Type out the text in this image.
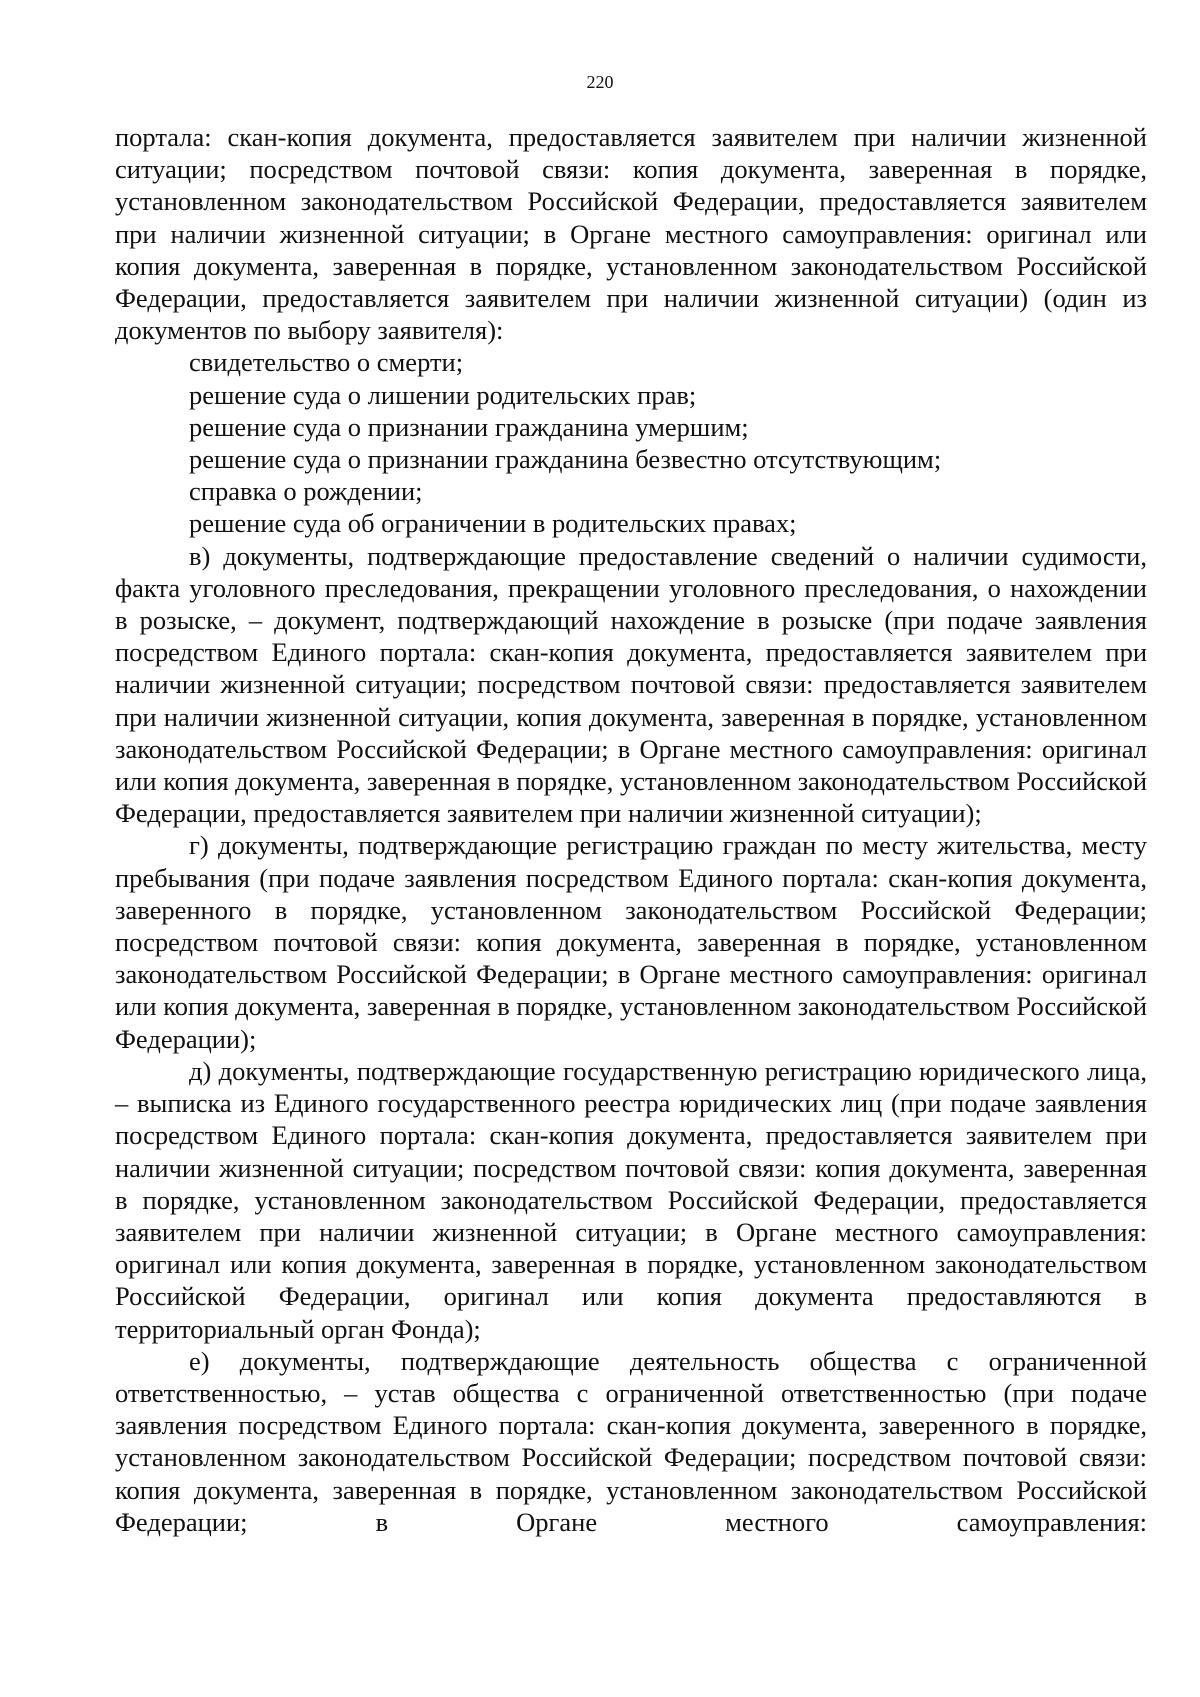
220

портала: скан-копия документа, предоставляется заявителем при наличии жизненной ситуации; посредством почтовой связи: копия документа, заверенная в порядке, установленном законодательством Российской Федерации, предоставляется заявителем при наличии жизненной ситуации; в Органе местного самоуправления: оригинал или копия документа, заверенная в порядке, установленном законодательством Российской Федерации, предоставляется заявителем при наличии жизненной ситуации) (один из документов по выбору заявителя):

свидетельство о смерти;

решение суда о лишении родительских прав;

решение суда о признании гражданина умершим;

решение суда о признании гражданина безвестно отсутствующим;

справка о рождении;

решение суда об ограничении в родительских правах;

в) документы, подтверждающие предоставление сведений о наличии судимости, факта уголовного преследования, прекращении уголовного преследования, о нахождении в розыске, – документ, подтверждающий нахождение в розыске (при подаче заявления посредством Единого портала: скан-копия документа, предоставляется заявителем при наличии жизненной ситуации; посредством почтовой связи: предоставляется заявителем при наличии жизненной ситуации, копия документа, заверенная в порядке, установленном законодательством Российской Федерации; в Органе местного самоуправления: оригинал или копия документа, заверенная в порядке, установленном законодательством Российской Федерации, предоставляется заявителем при наличии жизненной ситуации);

г) документы, подтверждающие регистрацию граждан по месту жительства, месту пребывания (при подаче заявления посредством Единого портала: скан-копия документа, заверенного в порядке, установленном законодательством Российской Федерации; посредством почтовой связи: копия документа, заверенная в порядке, установленном законодательством Российской Федерации; в Органе местного самоуправления: оригинал или копия документа, заверенная в порядке, установленном законодательством Российской Федерации);

д) документы, подтверждающие государственную регистрацию юридического лица, – выписка из Единого государственного реестра юридических лиц (при подаче заявления посредством Единого портала: скан-копия документа, предоставляется заявителем при наличии жизненной ситуации; посредством почтовой связи: копия документа, заверенная в порядке, установленном законодательством Российской Федерации, предоставляется заявителем при наличии жизненной ситуации; в Органе местного самоуправления: оригинал или копия документа, заверенная в порядке, установленном законодательством Российской Федерации, оригинал или копия документа предоставляются в территориальный орган Фонда);

е) документы, подтверждающие деятельность общества с ограниченной ответственностью, – устав общества с ограниченной ответственностью (при подаче заявления посредством Единого портала: скан-копия документа, заверенного в порядке, установленном законодательством Российской Федерации; посредством почтовой связи: копия документа, заверенная в порядке, установленном законодательством Российской Федерации; в Органе местного самоуправления:
